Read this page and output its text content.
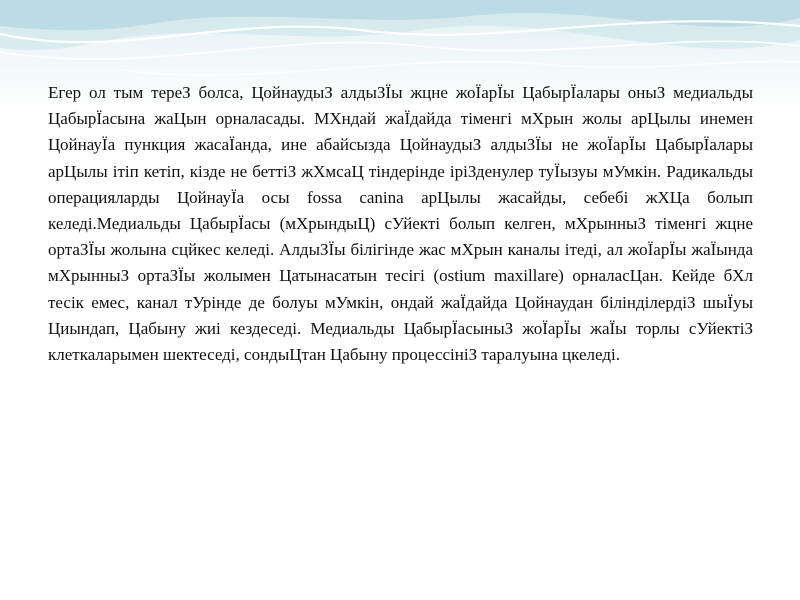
Егер ол тым тереЗ болса, ЦойнаудыЗ алдыЗЇы жцне жоЇарЇы ЦабырЇалары оныЗ медиальды ЦабырЇасына жаЦын орналасады. МХндай жаЇдайда тiменгi мХрын жолы арЦылы инемен ЦойнауЇа пункция жасаЇанда, ине абайсызда ЦойнаудыЗ алдыЗЇы не жоЇарЇы ЦабырЇалары арЦылы iтiп кетiп, кiзде не беттiЗ жХмсаЦ тiндерiнде iрiЗденулер туЇызуы мУмкiн. Радикальды операцияларды ЦойнауЇа осы fossa canina арЦылы жасайды, себебi жХЦа болып келедi.Медиальды ЦабырЇасы (мХрындыЦ) сУйектi болып келген, мХрынныЗ тiменгi жцне ортаЗЇы жолына сцйкес келедi. АлдыЗЇы бiлiгiнде жас мХрын каналы iтедi, ал жоЇарЇы жаЇында мХрынныЗ ортаЗЇы жолымен Цатынасатын тесiгi (ostium maxillare) орналасЦан. Кейде бХл тесiк емес, канал тУрiнде де болуы мУмкiн, ондай жаЇдайда Цойнаудан бiлiндiлердiЗ шыЇуы Циындап, Цабыну жиi кездеседi. Медиальды ЦабырЇасыныЗ жоЇарЇы жаЇы торлы сУйектiЗ клеткаларымен шектеседi, сондыЦтан Цабыну процессiнiЗ таралуына цкеледi.
